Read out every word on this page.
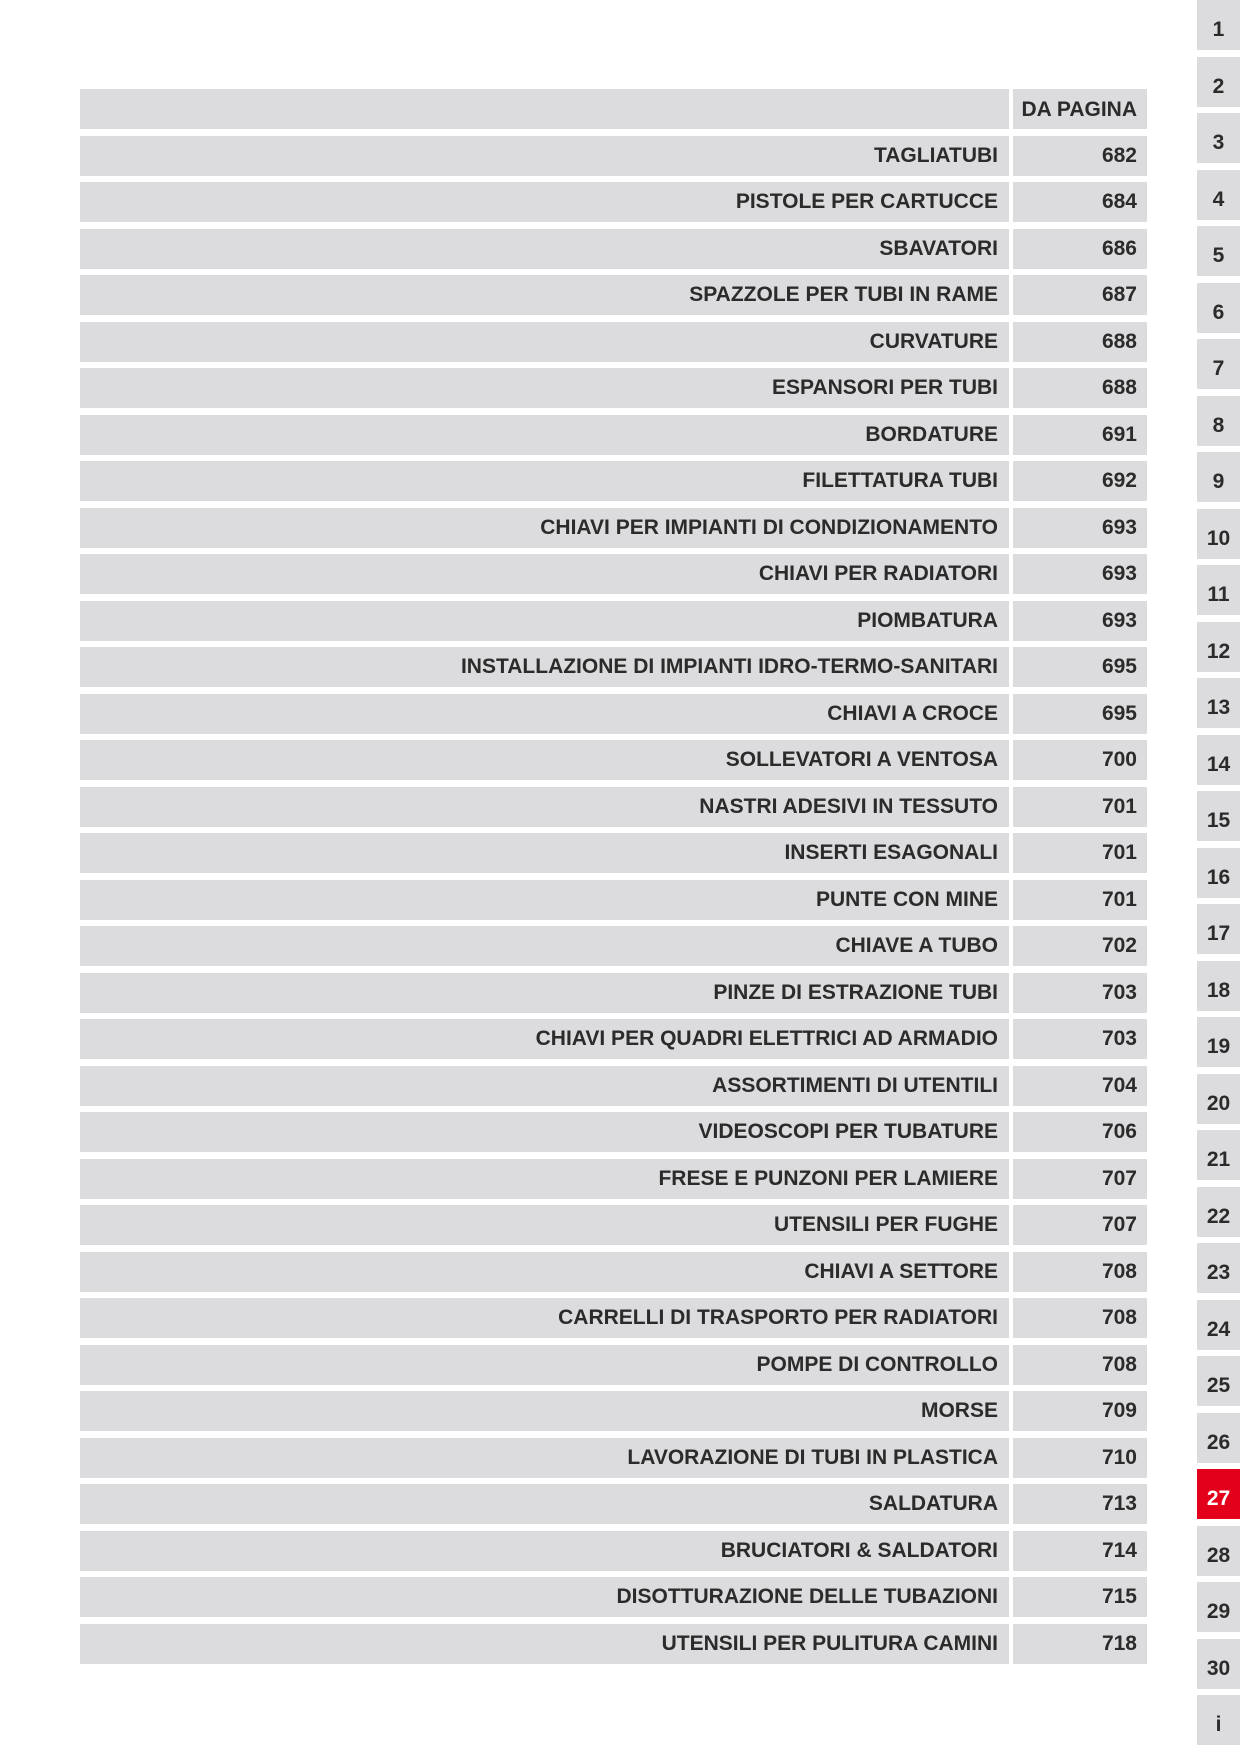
DA PAGINA
TAGLIATUBI	682
PISTOLE PER CARTUCCE	684
SBAVATORI	686
SPAZZOLE PER TUBI IN RAME	687
CURVATURE	688
ESPANSORI PER TUBI	688
BORDATURE	691
FILETTATURA TUBI	692
CHIAVI PER IMPIANTI DI CONDIZIONAMENTO	693
CHIAVI PER RADIATORI	693
PIOMBATURA	693
INSTALLAZIONE DI IMPIANTI IDRO-TERMO-SANITARI	695
CHIAVI A CROCE	695
SOLLEVATORI A VENTOSA	700
NASTRI ADESIVI IN TESSUTO	701
INSERTI ESAGONALI	701
PUNTE CON MINE	701
CHIAVE A TUBO	702
PINZE DI ESTRAZIONE TUBI	703
CHIAVI PER QUADRI ELETTRICI AD ARMADIO	703
ASSORTIMENTI DI UTENTILI	704
VIDEOSCOPI PER TUBATURE	706
FRESE E PUNZONI PER LAMIERE	707
UTENSILI PER FUGHE	707
CHIAVI A SETTORE	708
CARRELLI DI TRASPORTO PER RADIATORI	708
POMPE DI CONTROLLO	708
MORSE	709
LAVORAZIONE DI TUBI IN PLASTICA	710
SALDATURA	713
BRUCIATORI & SALDATORI	714
DISOTTURAZIONE DELLE TUBAZIONI	715
UTENSILI PER PULITURA CAMINI	718
1
2
3
4
5
6
7
8
9
10
11
12
13
14
15
16
17
18
19
20
21
22
23
24
25
26
27
28
29
30
i
